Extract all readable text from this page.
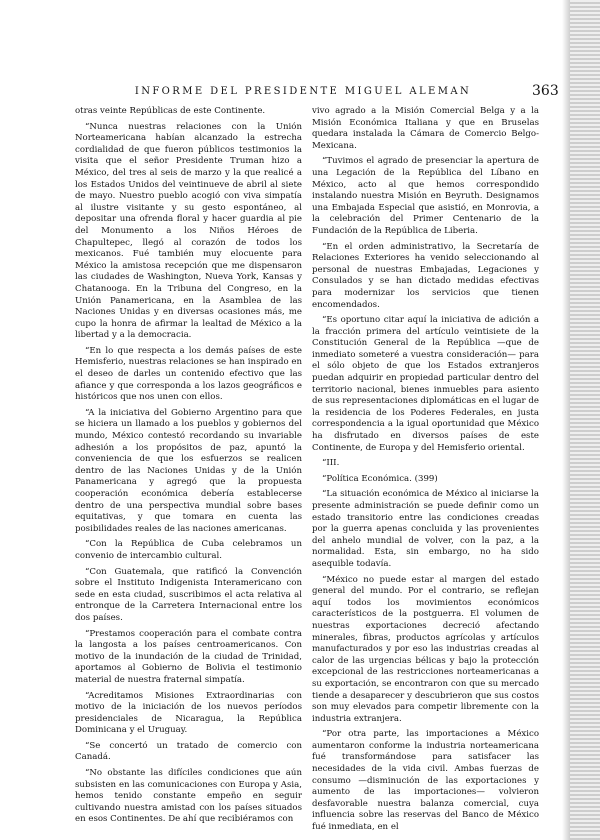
INFORME DEL PRESIDENTE MIGUEL ALEMAN	363

otras veinte Repúblicas de este Continente.

“Nunca nuestras relaciones con la Unión Norteamericana habían alcanzado la estrecha cordialidad de que fueron públicos testimonios la visita que el señor Presidente Truman hizo a México, del tres al seis de marzo y la que realicé a los Estados Unidos del veintinueve de abril al siete de mayo. Nuestro pueblo acogió con viva simpatía al ilustre visitante y su gesto espontáneo, al depositar una ofrenda floral y hacer guardia al pie del Monumento a los Niños Héroes de Chapultepec, llegó al corazón de todos los mexicanos. Fué también muy elocuente para México la amistosa recepción que me dispensaron las ciudades de Washington, Nueva York, Kansas y Chatanooga. En la Tribuna del Congreso, en la Unión Panamericana, en la Asamblea de las Naciones Unidas y en diversas ocasiones más, me cupo la honra de afirmar la lealtad de México a la libertad y a la democracia.

“En lo que respecta a los demás países de este Hemisferio, nuestras relaciones se han inspirado en el deseo de darles un contenido efectivo que las afiance y que corresponda a los lazos geográficos e históricos que nos unen con ellos.

“A la iniciativa del Gobierno Argentino para que se hiciera un llamado a los pueblos y gobiernos del mundo, México contestó recordando su invariable adhesión a los propósitos de paz, apuntó la conveniencia de que los esfuerzos se realicen dentro de las Naciones Unidas y de la Unión Panamericana y agregó que la propuesta cooperación económica debería establecerse dentro de una perspectiva mundial sobre bases equitativas, y que tomara en cuenta las posibilidades reales de las naciones americanas.

“Con la República de Cuba celebramos un convenio de intercambio cultural.

“Con Guatemala, que ratificó la Convención sobre el Instituto Indigenista Interamericano con sede en esta ciudad, suscribimos el acta relativa al entronque de la Carretera Internacional entre los dos países.

“Prestamos cooperación para el combate contra la langosta a los países centroamericanos. Con motivo de la inundación de la ciudad de Trinidad, aportamos al Gobierno de Bolivia el testimonio material de nuestra fraternal simpatía.

“Acreditamos Misiones Extraordinarias con motivo de la iniciación de los nuevos períodos presidenciales de Nicaragua, la República Dominicana y el Uruguay.

“Se concertó un tratado de comercio con Canadá.

“No obstante las difíciles condiciones que aún subsisten en las comunicaciones con Europa y Asia, hemos tenido constante empeño en seguir cultivando nuestra amistad con los países situados en esos Continentes. De ahí que recibiéramos con

vivo agrado a la Misión Comercial Belga y a la Misión Económica Italiana y que en Bruselas quedara instalada la Cámara de Comercio Belgo-Mexicana.

“Tuvimos el agrado de presenciar la apertura de una Legación de la República del Líbano en México, acto al que hemos correspondido instalando nuestra Misión en Beyruth. Designamos una Embajada Especial que asistió, en Monrovia, a la celebración del Primer Centenario de la Fundación de la República de Liberia.

“En el orden administrativo, la Secretaría de Relaciones Exteriores ha venido seleccionando al personal de nuestras Embajadas, Legaciones y Consulados y se han dictado medidas efectivas para modernizar los servicios que tienen encomendados.

“Es oportuno citar aquí la iniciativa de adición a la fracción primera del artículo veintisiete de la Constitución General de la República —que de inmediato someteré a vuestra consideración— para el sólo objeto de que los Estados extranjeros puedan adquirir en propiedad particular dentro del territorio nacional, bienes inmuebles para asiento de sus representaciones diplomáticas en el lugar de la residencia de los Poderes Federales, en justa correspondencia a la igual oportunidad que México ha disfrutado en diversos países de este Continente, de Europa y del Hemisferio oriental.

“III.

“Política Económica. (399)

“La situación económica de México al iniciarse la presente administración se puede definir como un estado transitorio entre las condiciones creadas por la guerra apenas concluida y las provenientes del anhelo mundial de volver, con la paz, a la normalidad. Esta, sin embargo, no ha sido asequible todavía.

“México no puede estar al margen del estado general del mundo. Por el contrario, se reflejan aquí todos los movimientos económicos característicos de la postguerra. El volumen de nuestras exportaciones decreció afectando minerales, fibras, productos agrícolas y artículos manufacturados y por eso las industrias creadas al calor de las urgencias bélicas y bajo la protección excepcional de las restricciones norteamericanas a su exportación, se encontraron con que su mercado tiende a desaparecer y descubrieron que sus costos son muy elevados para competir libremente con la industria extranjera.

“Por otra parte, las importaciones a México aumentaron conforme la industria norteamericana fué transformándose para satisfacer las necesidades de la vida civil. Ambas fuerzas de consumo —disminución de las exportaciones y aumento de las importaciones— volvieron desfavorable nuestra balanza comercial, cuya influencia sobre las reservas del Banco de México fué inmediata, en el
